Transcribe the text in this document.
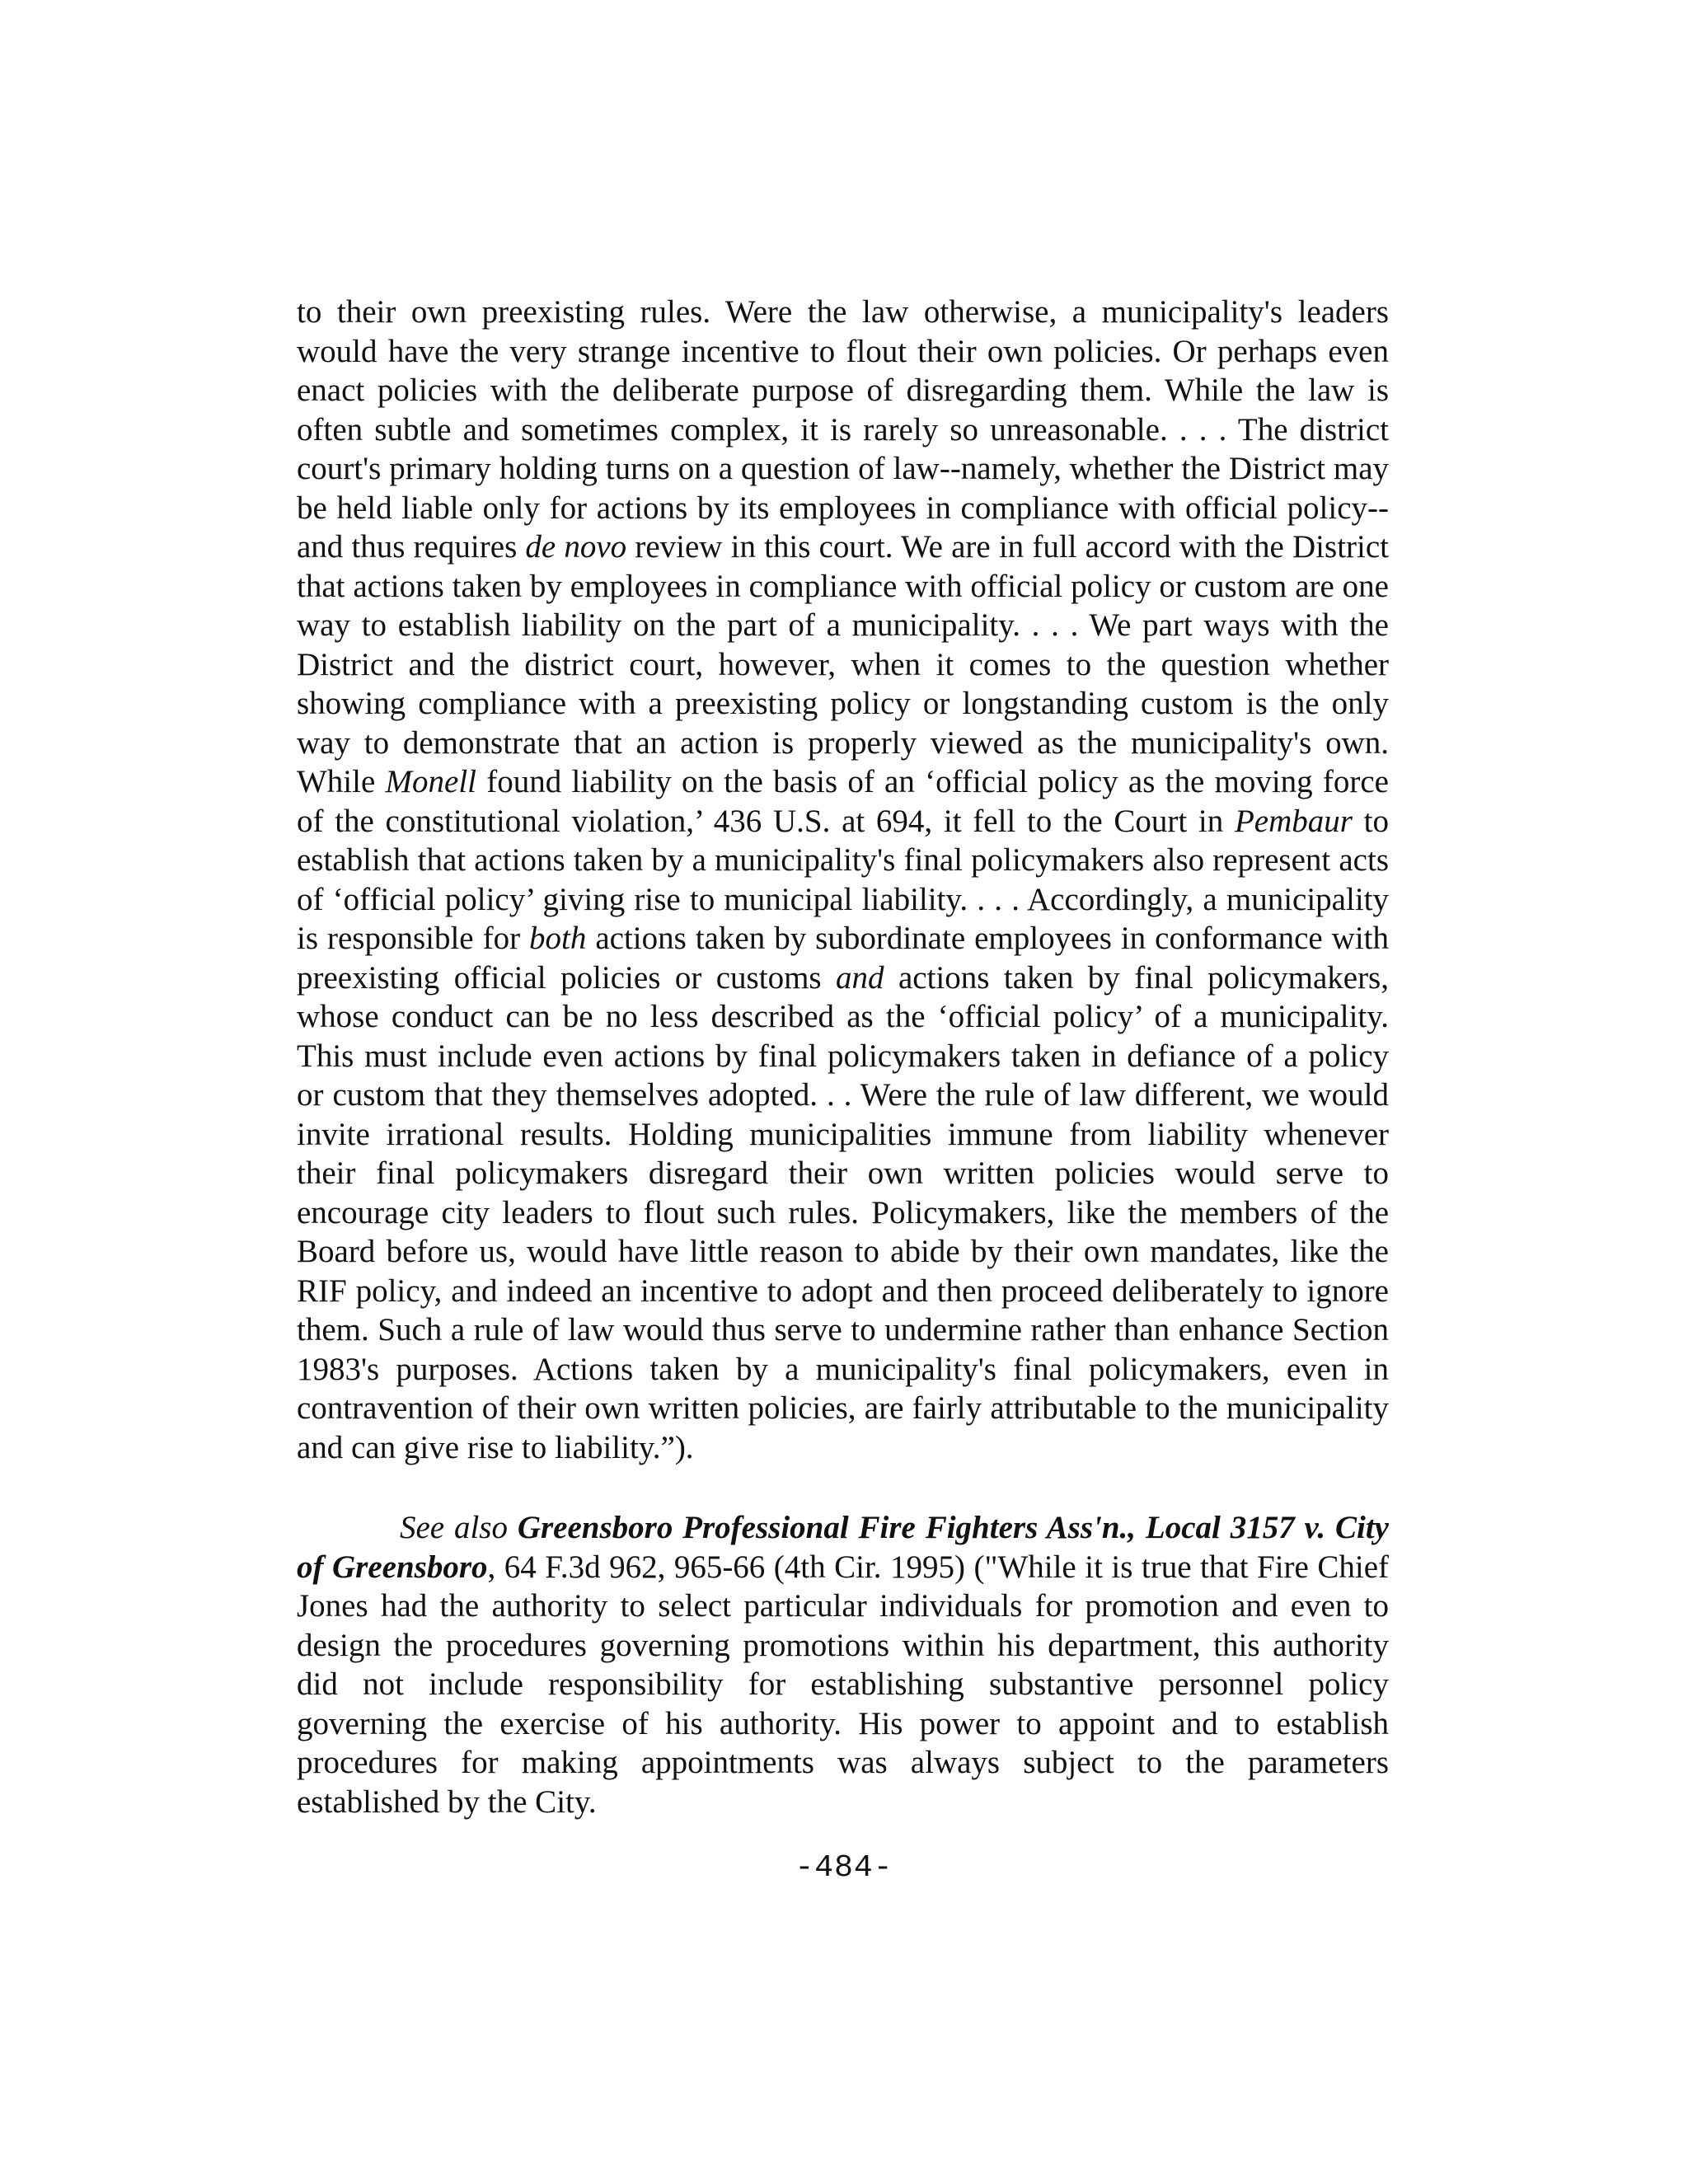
to their own preexisting rules. Were the law otherwise, a municipality's leaders would have the very strange incentive to flout their own policies. Or perhaps even enact policies with the deliberate purpose of disregarding them. While the law is often subtle and sometimes complex, it is rarely so unreasonable. . . . The district court's primary holding turns on a question of law--namely, whether the District may be held liable only for actions by its employees in compliance with official policy--and thus requires de novo review in this court. We are in full accord with the District that actions taken by employees in compliance with official policy or custom are one way to establish liability on the part of a municipality. . . . We part ways with the District and the district court, however, when it comes to the question whether showing compliance with a preexisting policy or longstanding custom is the only way to demonstrate that an action is properly viewed as the municipality's own. While Monell found liability on the basis of an ‘official policy as the moving force of the constitutional violation,’ 436 U.S. at 694, it fell to the Court in Pembaur to establish that actions taken by a municipality's final policymakers also represent acts of ‘official policy’ giving rise to municipal liability. . . . Accordingly, a municipality is responsible for both actions taken by subordinate employees in conformance with preexisting official policies or customs and actions taken by final policymakers, whose conduct can be no less described as the ‘official policy’ of a municipality. This must include even actions by final policymakers taken in defiance of a policy or custom that they themselves adopted. . . Were the rule of law different, we would invite irrational results. Holding municipalities immune from liability whenever their final policymakers disregard their own written policies would serve to encourage city leaders to flout such rules. Policymakers, like the members of the Board before us, would have little reason to abide by their own mandates, like the RIF policy, and indeed an incentive to adopt and then proceed deliberately to ignore them. Such a rule of law would thus serve to undermine rather than enhance Section 1983's purposes. Actions taken by a municipality's final policymakers, even in contravention of their own written policies, are fairly attributable to the municipality and can give rise to liability.”).

See also Greensboro Professional Fire Fighters Ass'n., Local 3157 v. City of Greensboro, 64 F.3d 962, 965-66 (4th Cir. 1995) ("While it is true that Fire Chief Jones had the authority to select particular individuals for promotion and even to design the procedures governing promotions within his department, this authority did not include responsibility for establishing substantive personnel policy governing the exercise of his authority. His power to appoint and to establish procedures for making appointments was always subject to the parameters established by the City.

-484-
